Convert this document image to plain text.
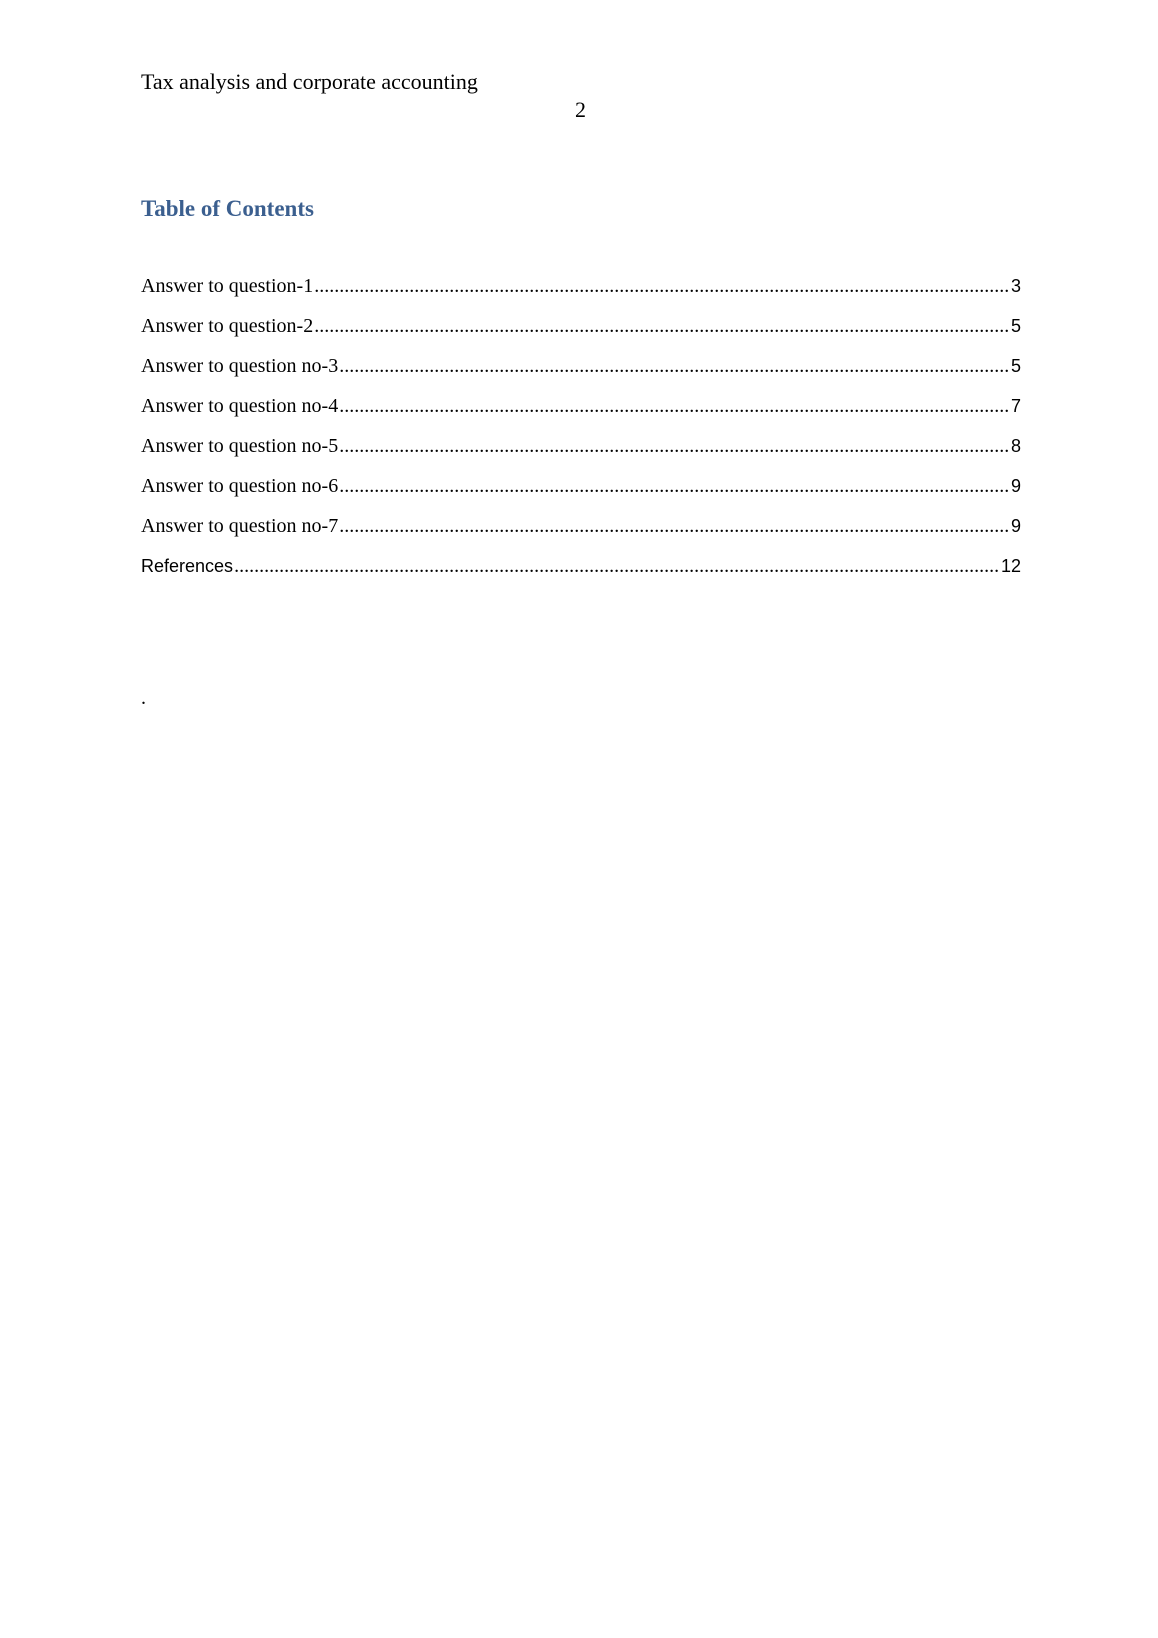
Tax analysis and corporate accounting
2
Table of Contents
Answer to question-1 .....	3
Answer to question-2 .....	5
Answer to question no-3 .....	5
Answer to question no-4 .....	7
Answer to question no-5 .....	8
Answer to question no-6 .....	9
Answer to question no-7 .....	9
References .....	12
.
